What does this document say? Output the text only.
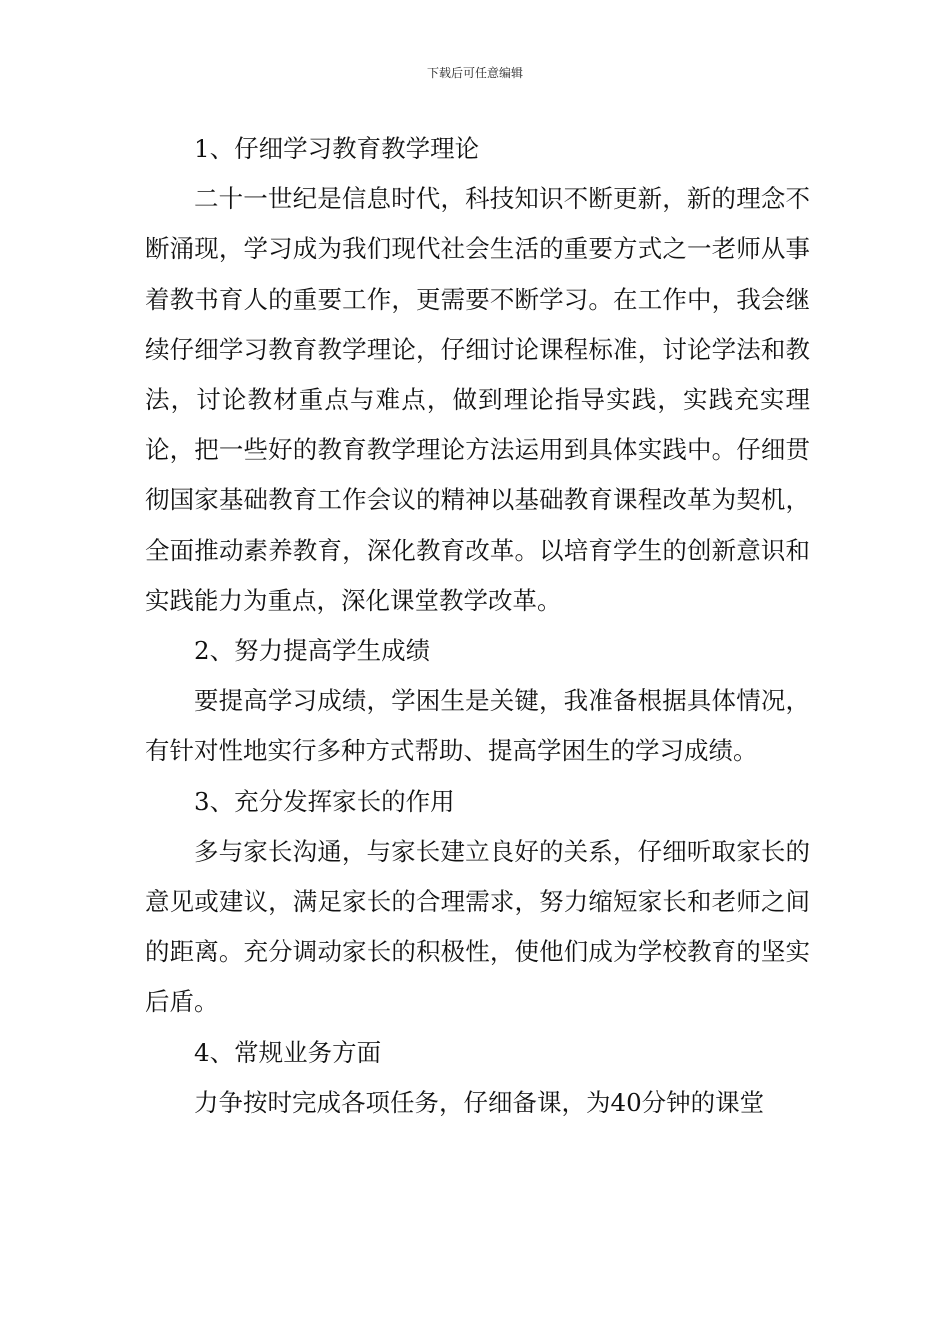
下载后可任意编辑

1、仔细学习教育教学理论

二十一世纪是信息时代，科技知识不断更新，新的理念不断涌现，学习成为我们现代社会生活的重要方式之一老师从事着教书育人的重要工作，更需要不断学习。在工作中，我会继续仔细学习教育教学理论，仔细讨论课程标准，讨论学法和教法，讨论教材重点与难点，做到理论指导实践，实践充实理论，把一些好的教育教学理论方法运用到具体实践中。仔细贯彻国家基础教育工作会议的精神以基础教育课程改革为契机，全面推动素养教育，深化教育改革。以培育学生的创新意识和实践能力为重点，深化课堂教学改革。

2、努力提高学生成绩

要提高学习成绩，学困生是关键，我准备根据具体情况，有针对性地实行多种方式帮助、提高学困生的学习成绩。

3、充分发挥家长的作用

多与家长沟通，与家长建立良好的关系，仔细听取家长的意见或建议，满足家长的合理需求，努力缩短家长和老师之间的距离。充分调动家长的积极性，使他们成为学校教育的坚实后盾。

4、常规业务方面

力争按时完成各项任务，仔细备课，为40分钟的课堂
